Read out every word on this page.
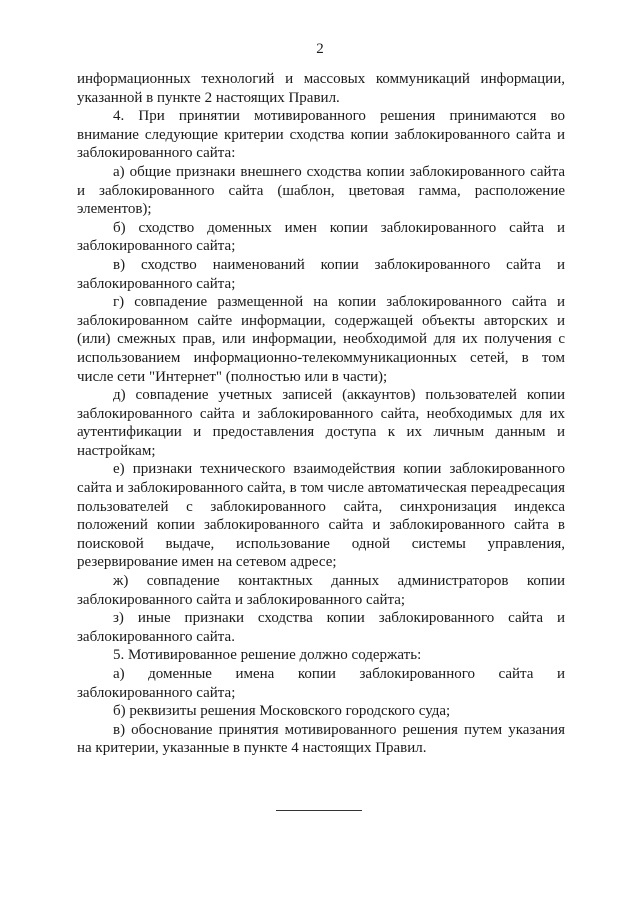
2

информационных технологий и массовых коммуникаций информации, указанной в пункте 2 настоящих Правил.

4. При принятии мотивированного решения принимаются во внимание следующие критерии сходства копии заблокированного сайта и заблокированного сайта:

а) общие признаки внешнего сходства копии заблокированного сайта и заблокированного сайта (шаблон, цветовая гамма, расположение элементов);

б) сходство доменных имен копии заблокированного сайта и заблокированного сайта;

в) сходство наименований копии заблокированного сайта и заблокированного сайта;

г) совпадение размещенной на копии заблокированного сайта и заблокированном сайте информации, содержащей объекты авторских и (или) смежных прав, или информации, необходимой для их получения с использованием информационно-телекоммуникационных сетей, в том числе сети "Интернет" (полностью или в части);

д) совпадение учетных записей (аккаунтов) пользователей копии заблокированного сайта и заблокированного сайта, необходимых для их аутентификации и предоставления доступа к их личным данным и настройкам;

е) признаки технического взаимодействия копии заблокированного сайта и заблокированного сайта, в том числе автоматическая переадресация пользователей с заблокированного сайта, синхронизация индекса положений копии заблокированного сайта и заблокированного сайта в поисковой выдаче, использование одной системы управления, резервирование имен на сетевом адресе;

ж) совпадение контактных данных администраторов копии заблокированного сайта и заблокированного сайта;

з) иные признаки сходства копии заблокированного сайта и заблокированного сайта.

5. Мотивированное решение должно содержать:

а) доменные имена копии заблокированного сайта и заблокированного сайта;

б) реквизиты решения Московского городского суда;

в) обоснование принятия мотивированного решения путем указания на критерии, указанные в пункте 4 настоящих Правил.
